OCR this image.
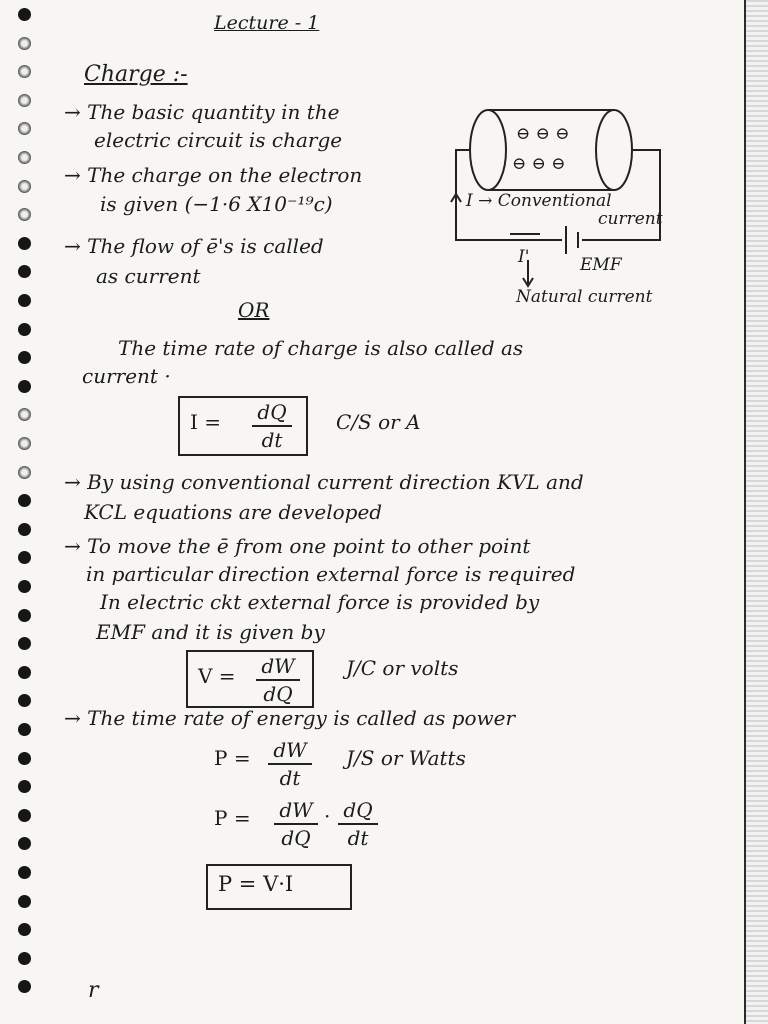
Lecture - 1
Charge :-
→ The basic quantity in the
electric circuit is charge
→ The charge on the electron
is given (−1·6 X10⁻¹⁹c)
→ The flow of ē's is called
as current
OR
The time rate of charge is also called as
current ·
I = dQ
dt
C/S or A
→ By using conventional current direction KVL and
KCL equations are developed
→ To move the ē from one point to other point
in particular direction external force is required
In electric ckt external force is provided by
EMF and it is given by
V = dW
dQ
J/C or volts
→ The time rate of energy is called as power
P = dW
dt
J/S or Watts
P = dW
dQ
· dQ
dt
P = V·I
r
⊖ ⊖ ⊖
⊖ ⊖ ⊖
I → Conventional
current
I'	EMF
Natural current
